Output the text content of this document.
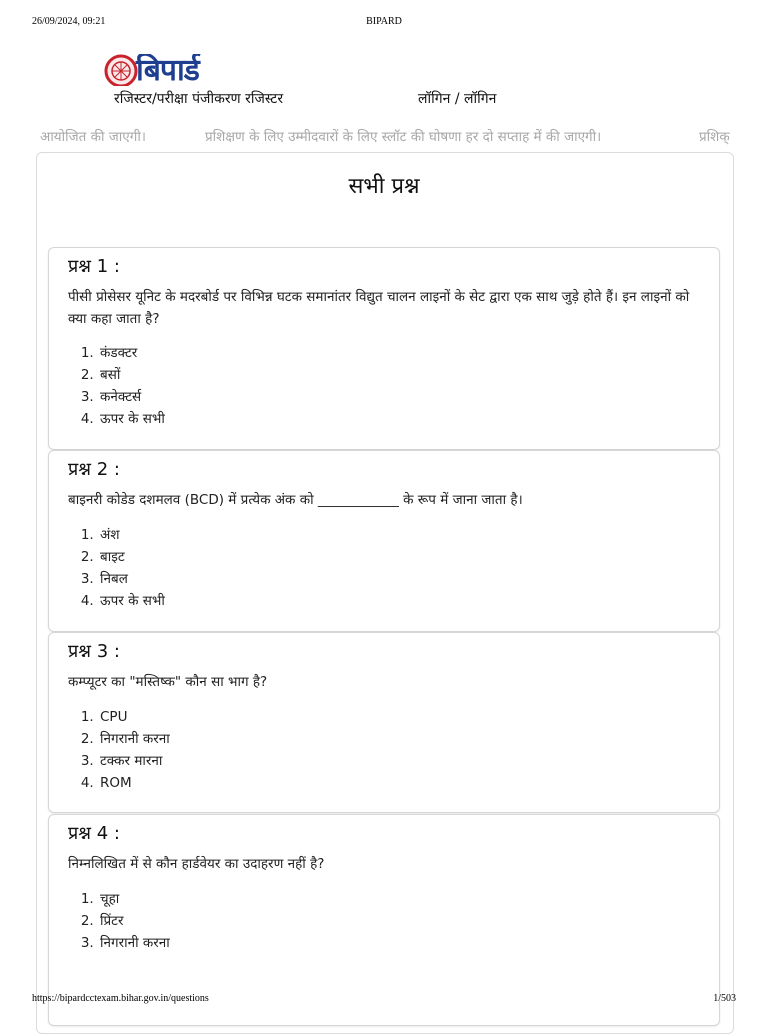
26/09/2024, 09:21	BIPARD
बिपार्ड
रजिस्टर/परीक्षा पंजीकरण रजिस्टर	लॉगिन / लॉगिन
आयोजित की जाएगी।	प्रशिक्षण के लिए उम्मीदवारों के लिए स्लॉट की घोषणा हर दो सप्ताह में की जाएगी।	प्रशिक्
सभी प्रश्न
प्रश्न 1 :
पीसी प्रोसेसर यूनिट के मदरबोर्ड पर विभिन्न घटक समानांतर विद्युत चालन लाइनों के सेट द्वारा एक साथ जुड़े होते हैं। इन लाइनों को क्या कहा जाता है?
1. कंडक्टर
2. बसों
3. कनेक्टर्स
4. ऊपर के सभी
प्रश्न 2 :
बाइनरी कोडेड दशमलव (BCD) में प्रत्येक अंक को ____________ के रूप में जाना जाता है।
1. अंश
2. बाइट
3. निबल
4. ऊपर के सभी
प्रश्न 3 :
कम्प्यूटर का "मस्तिष्क" कौन सा भाग है?
1. CPU
2. निगरानी करना
3. टक्कर मारना
4. ROM
प्रश्न 4 :
निम्नलिखित में से कौन हार्डवेयर का उदाहरण नहीं है?
1. चूहा
2. प्रिंटर
3. निगरानी करना
https://bipardcctexam.bihar.gov.in/questions	1/503
